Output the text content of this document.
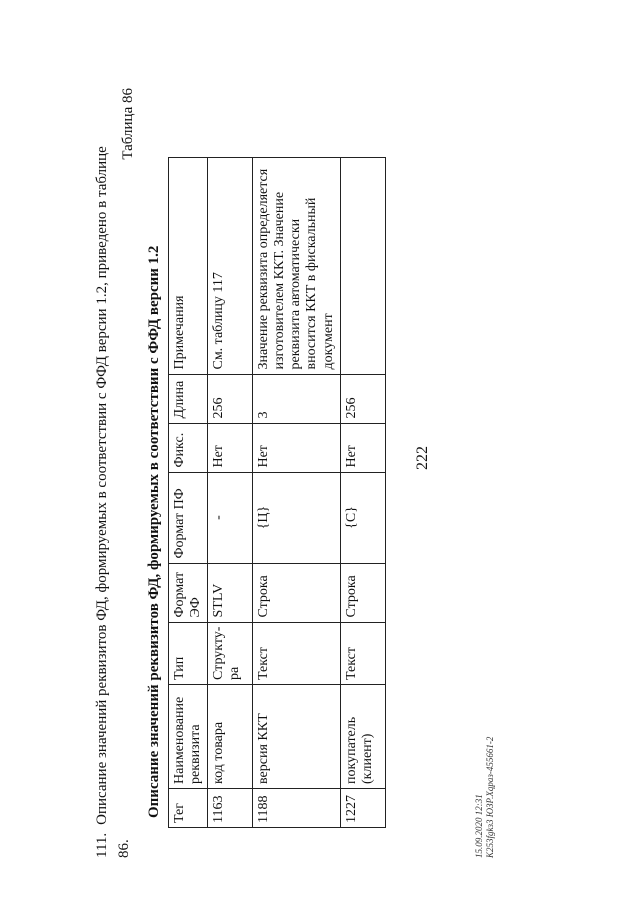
111.Описание значений реквизитов ФД, формируемых в соответствии с ФФД версии 1.2, приведено в таблице
86.
Таблица 86
Описание значений реквизитов ФД, формируемых в соответствии с ФФД версии 1.2 Тег	Наименование реквизита	Тип	Формат ЭФ	Формат ПФ	Фикс.	Длина	Примечания
1163	код товара	Структу-ра	STLV	-	Нет	256	См. таблицу 117
1188	версия ККТ	Текст	Строка	{Ц}	Нет	3	Значение реквизита определяется изготовителем ККТ. Значение реквизита автоматически вносится ККТ в фискальный документ
1227	покупатель (клиент)	Текст	Строка	{С}	Нет	256	
222
15.09.2020 12:31 К253fgkз3 ЮЗР.Хqpаз-455661-2
